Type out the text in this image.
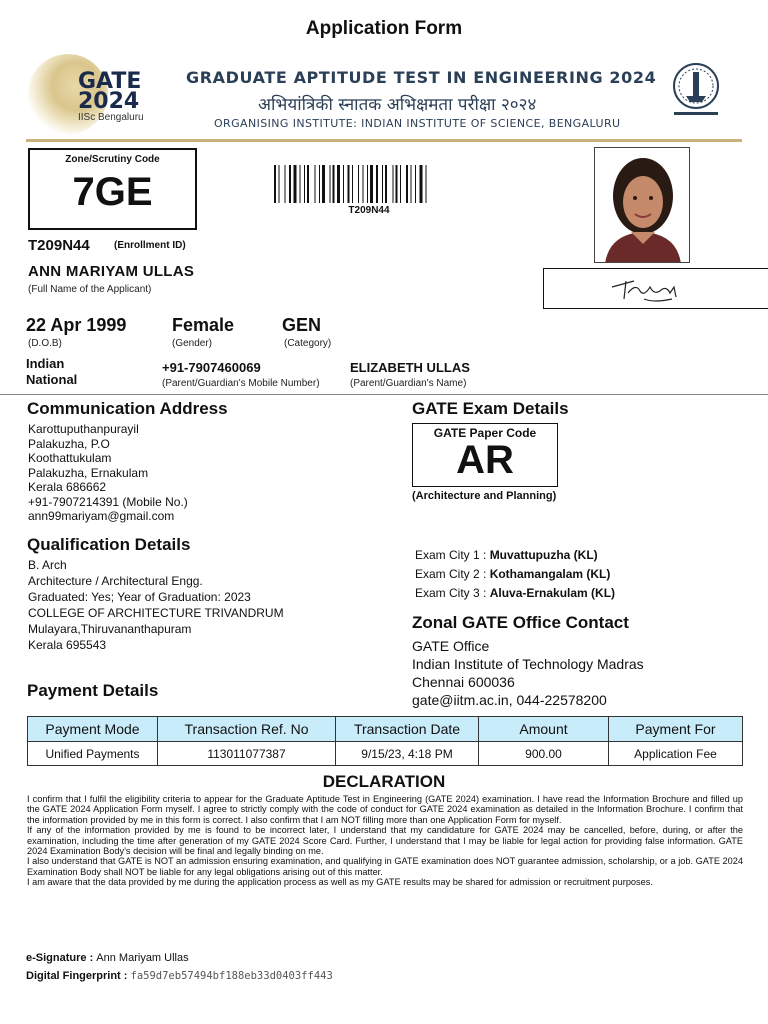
Application Form
GATE
2024
IISc Bengaluru
GRADUATE APTITUDE TEST IN ENGINEERING 2024
अभियांत्रिकी स्नातक अभिक्षमता परीक्षा २०२४
ORGANISING INSTITUTE: INDIAN INSTITUTE OF SCIENCE, BENGALURU
Zone/Scrutiny Code
7GE	T209N44
T209N44 (Enrollment ID)
ANN MARIYAM ULLAS
(Full Name of the Applicant)
22 Apr 1999
(D.O.B)
Female
(Gender)
GEN
(Category)
Indian
National
+91-7907460069
(Parent/Guardian's Mobile Number)
ELIZABETH ULLAS
(Parent/Guardian's Name)
Communication Address
Karottuputhanpurayil
Palakuzha, P.O
Koothattukulam
Palakuzha, Ernakulam
Kerala 686662
+91-7907214391 (Mobile No.)
ann99mariyam@gmail.com
Qualification Details
B. Arch
Architecture / Architectural Engg.
Graduated: Yes; Year of Graduation: 2023
COLLEGE OF ARCHITECTURE TRIVANDRUM
Mulayara,Thiruvananthapuram
Kerala 695543
GATE Exam Details
GATE Paper Code
AR
(Architecture and Planning)
Exam City 1 : Muvattupuzha (KL)
Exam City 2 : Kothamangalam (KL)
Exam City 3 : Aluva-Ernakulam (KL)
Zonal GATE Office Contact
GATE Office
Indian Institute of Technology Madras
Chennai 600036
gate@iitm.ac.in, 044-22578200
Payment Details
Payment Mode	Transaction Ref. No	Transaction Date	Amount	Payment For
Unified Payments	113011077387	9/15/23, 4:18 PM	900.00	Application Fee
DECLARATION

I confirm that I fulfil the eligibility criteria to appear for the Graduate Aptitude Test in Engineering (GATE 2024) examination. I have read the Information Brochure and filled up the GATE 2024 Application Form myself. I agree to strictly comply with the code of conduct for GATE 2024 examination as detailed in the Information Brochure. I confirm that the information provided by me in this form is correct. I also confirm that I am NOT filling more than one Application Form for myself.

If any of the information provided by me is found to be incorrect later, I understand that my candidature for GATE 2024 may be cancelled, before, during, or after the examination, including the time after generation of my GATE 2024 Score Card. Further, I understand that I may be liable for legal action for providing false information. GATE 2024 Examination Body’s decision will be final and legally binding on me.

I also understand that GATE is NOT an admission ensuring examination, and qualifying in GATE examination does NOT guarantee admission, scholarship, or a job. GATE 2024 Examination Body shall NOT be liable for any legal obligations arising out of this matter.

I am aware that the data provided by me during the application process as well as my GATE results may be shared for admission or recruitment purposes.

e-Signature : Ann Mariyam Ullas
Digital Fingerprint : fa59d7eb57494bf188eb33d0403ff443
